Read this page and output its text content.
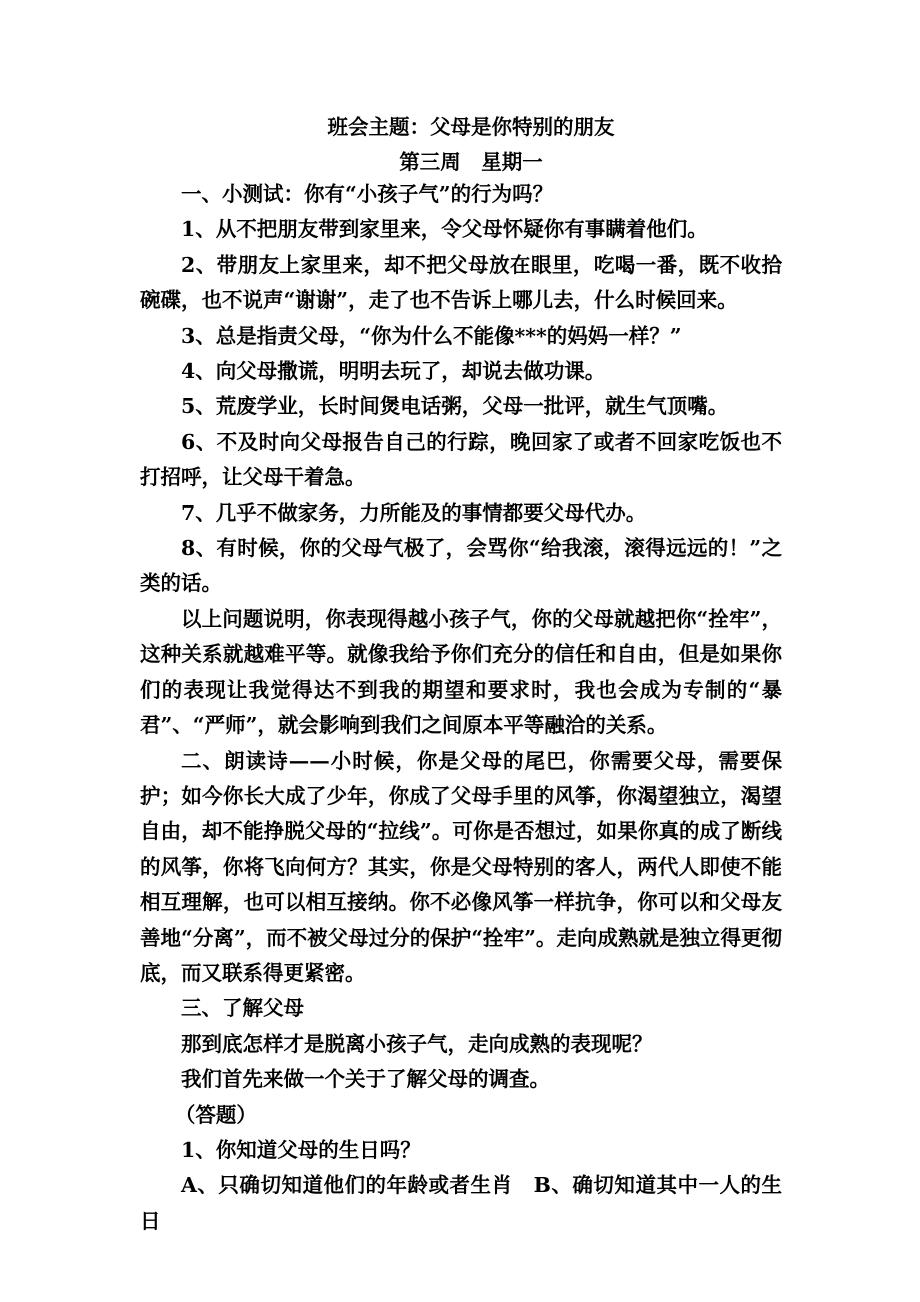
班会主题：父母是你特别的朋友
第三周　星期一

一、小测试：你有“小孩子气”的行为吗？

1、从不把朋友带到家里来，令父母怀疑你有事瞒着他们。

2、带朋友上家里来，却不把父母放在眼里，吃喝一番，既不收拾碗碟，也不说声“谢谢”，走了也不告诉上哪儿去，什么时候回来。

3、总是指责父母，“你为什么不能像***的妈妈一样？”

4、向父母撒谎，明明去玩了，却说去做功课。

5、荒废学业，长时间煲电话粥，父母一批评，就生气顶嘴。

6、不及时向父母报告自己的行踪，晚回家了或者不回家吃饭也不打招呼，让父母干着急。

7、几乎不做家务，力所能及的事情都要父母代办。

8、有时候，你的父母气极了，会骂你“给我滚，滚得远远的！”之类的话。

以上问题说明，你表现得越小孩子气，你的父母就越把你“拴牢”，这种关系就越难平等。就像我给予你们充分的信任和自由，但是如果你们的表现让我觉得达不到我的期望和要求时，我也会成为专制的“暴君”、“严师”，就会影响到我们之间原本平等融洽的关系。

二、朗读诗——小时候，你是父母的尾巴，你需要父母，需要保护；如今你长大成了少年，你成了父母手里的风筝，你渴望独立，渴望自由，却不能挣脱父母的“拉线”。可你是否想过，如果你真的成了断线的风筝，你将飞向何方？其实，你是父母特别的客人，两代人即使不能相互理解，也可以相互接纳。你不必像风筝一样抗争，你可以和父母友善地“分离”，而不被父母过分的保护“拴牢”。走向成熟就是独立得更彻底，而又联系得更紧密。

三、了解父母

那到底怎样才是脱离小孩子气，走向成熟的表现呢？

我们首先来做一个关于了解父母的调查。

（答题）

1、你知道父母的生日吗？

A、只确切知道他们的年龄或者生肖　B、确切知道其中一人的生日
